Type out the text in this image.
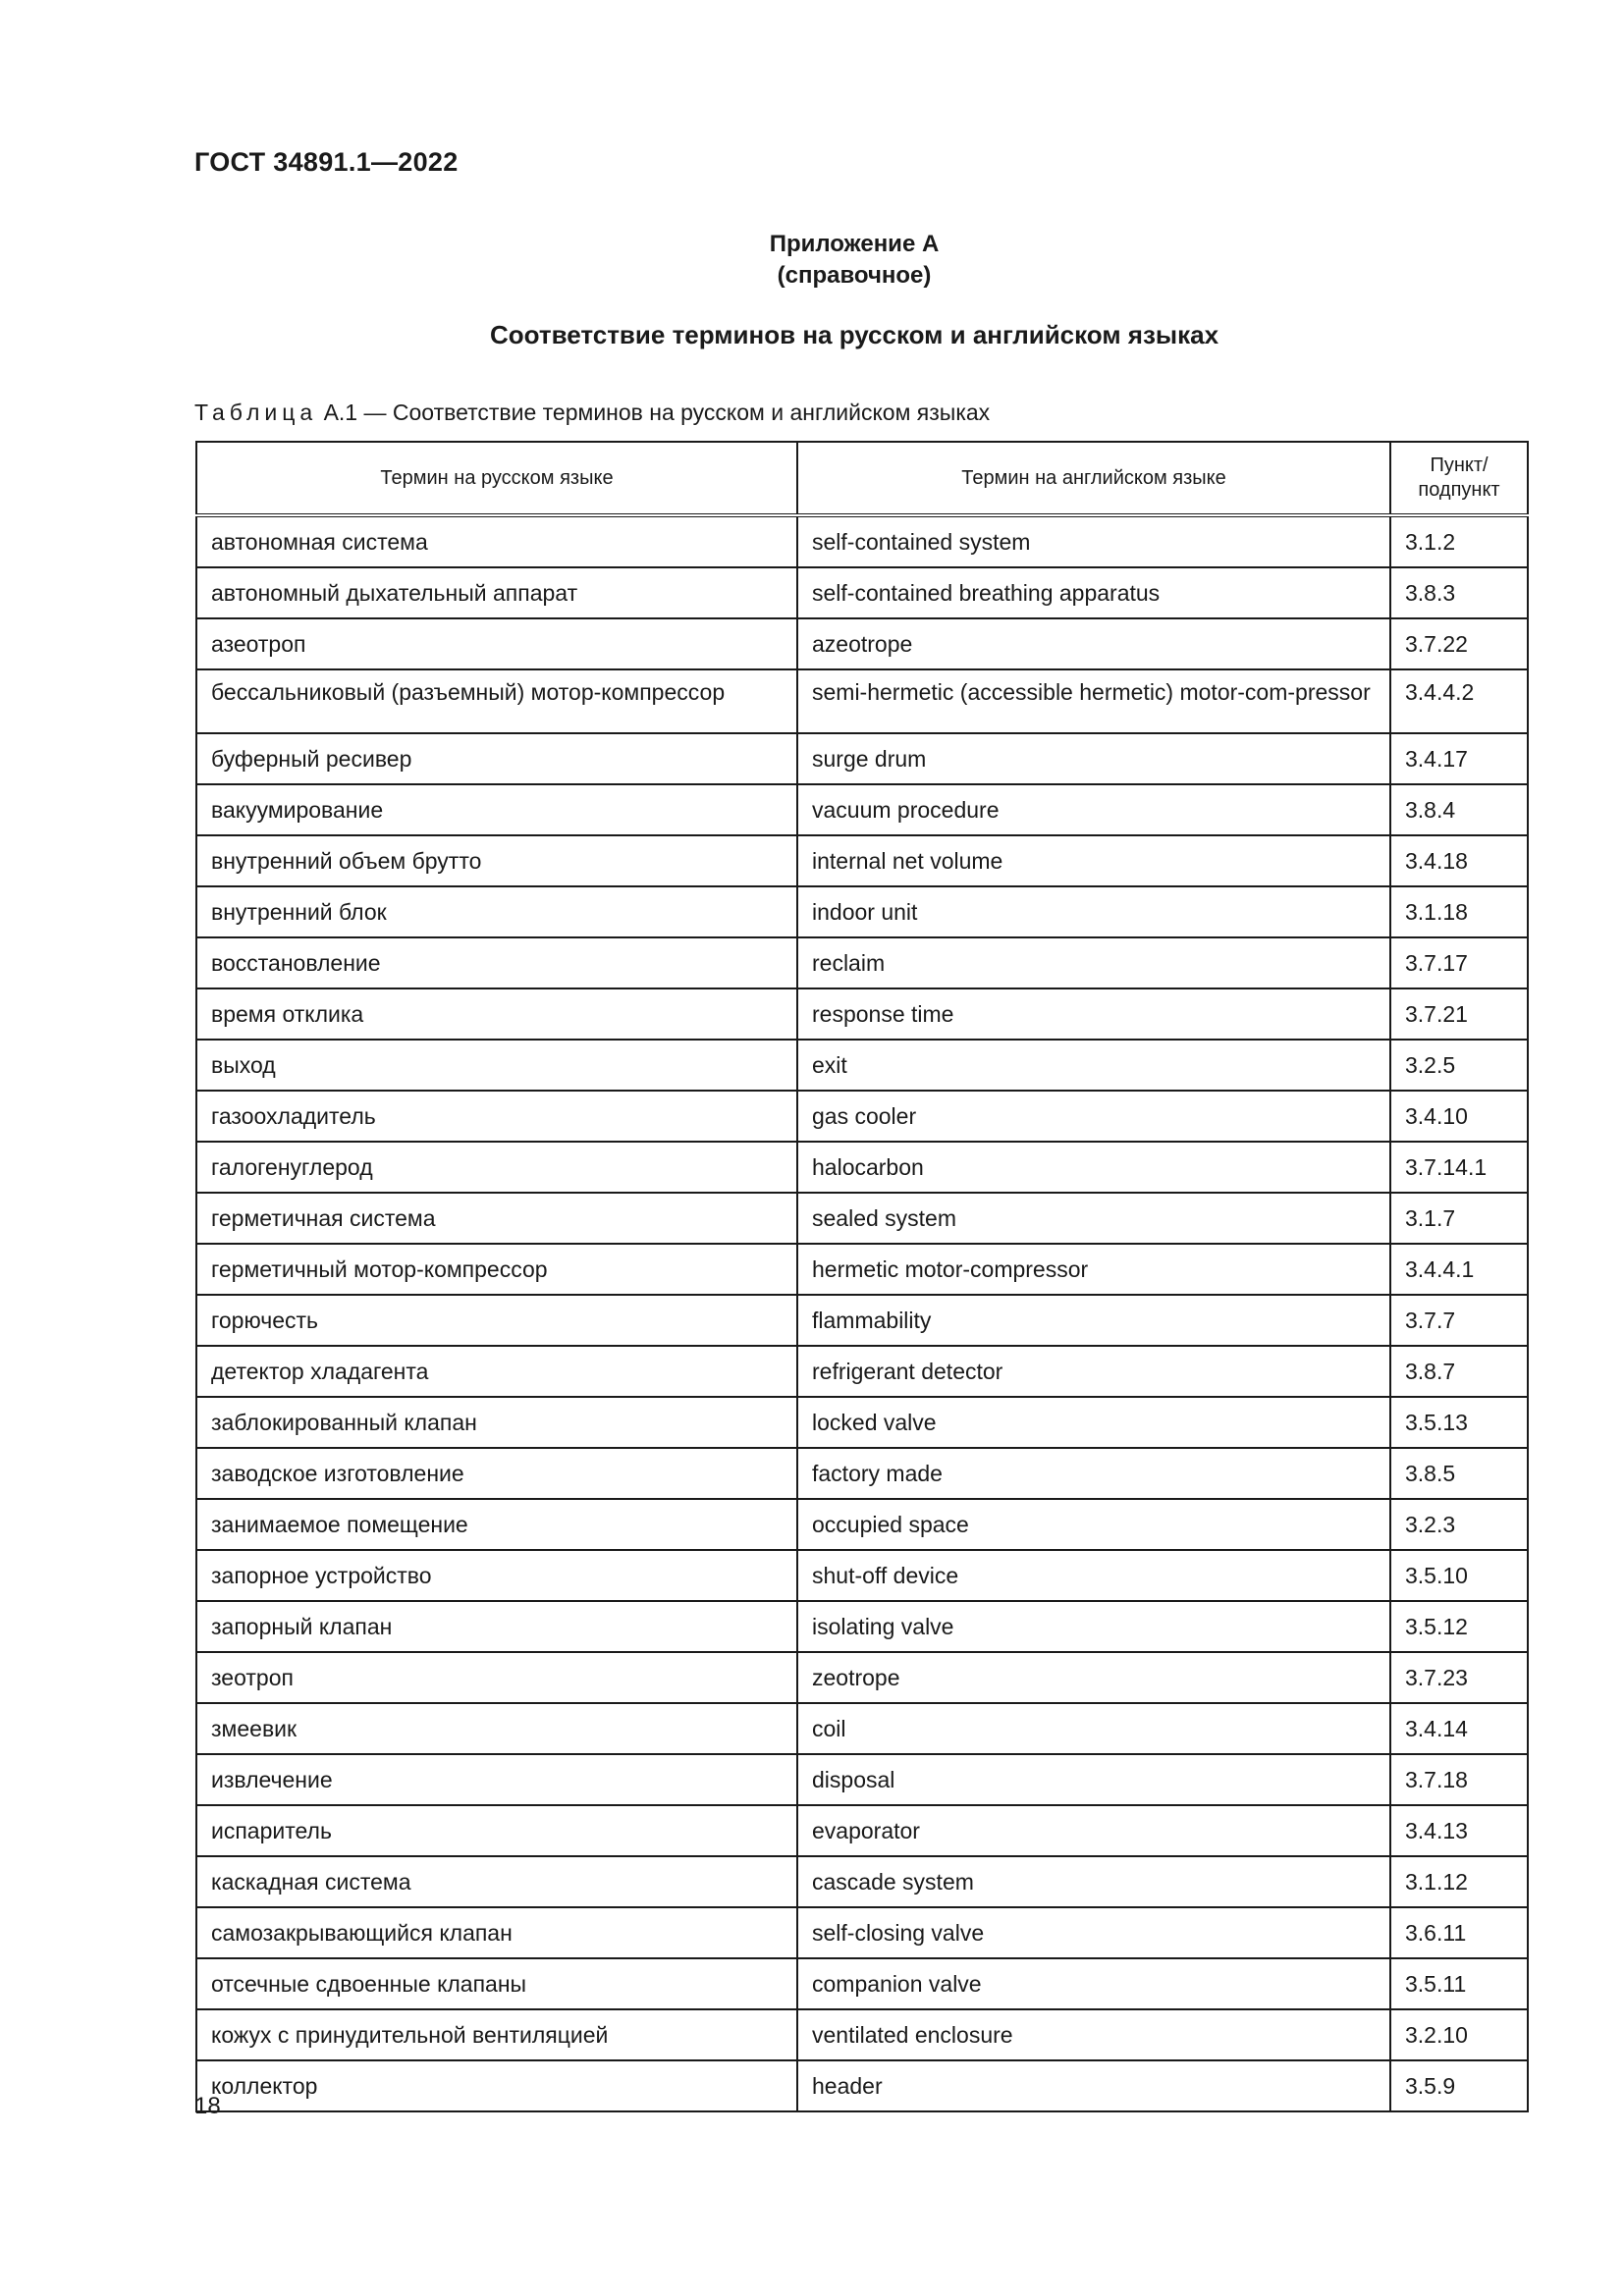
ГОСТ 34891.1—2022
Приложение А
(справочное)
Соответствие терминов на русском и английском языках
Таблица А.1 — Соответствие терминов на русском и английском языках
Термин на русском языке	Термин на английском языке	Пункт/ подпункт
автономная система	self-contained system	3.1.2
автономный дыхательный аппарат	self-contained breathing apparatus	3.8.3
азеотроп	azeotrope	3.7.22
бессальниковый (разъемный) мотор-компрессор	semi-hermetic (accessible hermetic) motor-com-pressor	3.4.4.2
буферный ресивер	surge drum	3.4.17
вакуумирование	vacuum procedure	3.8.4
внутренний объем брутто	internal net volume	3.4.18
внутренний блок	indoor unit	3.1.18
восстановление	reclaim	3.7.17
время отклика	response time	3.7.21
выход	exit	3.2.5
газоохладитель	gas cooler	3.4.10
галогенуглерод	halocarbon	3.7.14.1
герметичная система	sealed system	3.1.7
герметичный мотор-компрессор	hermetic motor-compressor	3.4.4.1
горючесть	flammability	3.7.7
детектор хладагента	refrigerant detector	3.8.7
заблокированный клапан	locked valve	3.5.13
заводское изготовление	factory made	3.8.5
занимаемое помещение	occupied space	3.2.3
запорное устройство	shut-off device	3.5.10
запорный клапан	isolating valve	3.5.12
зеотроп	zeotrope	3.7.23
змеевик	coil	3.4.14
извлечение	disposal	3.7.18
испаритель	evaporator	3.4.13
каскадная система	cascade system	3.1.12
самозакрывающийся клапан	self-closing valve	3.6.11
отсечные сдвоенные клапаны	companion valve	3.5.11
кожух с принудительной вентиляцией	ventilated enclosure	3.2.10
коллектор	header	3.5.9
18
